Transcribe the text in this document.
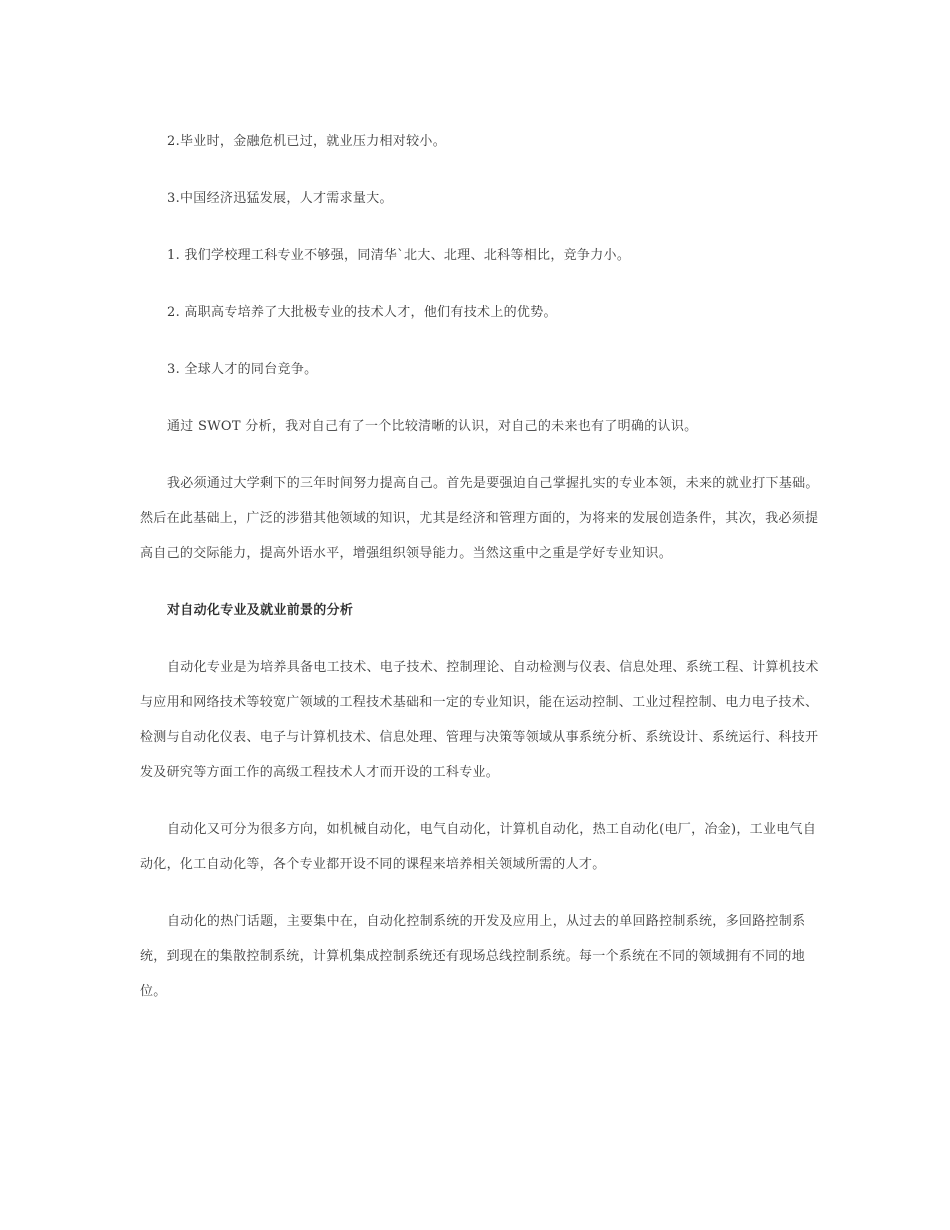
2.毕业时，金融危机已过，就业压力相对较小。

3.中国经济迅猛发展，人才需求量大。

1. 我们学校理工科专业不够强，同清华`北大、北理、北科等相比，竞争力小。

2. 高职高专培养了大批极专业的技术人才，他们有技术上的优势。

3. 全球人才的同台竞争。

通过 SWOT 分析，我对自己有了一个比较清晰的认识，对自己的未来也有了明确的认识。

我必须通过大学剩下的三年时间努力提高自己。首先是要强迫自己掌握扎实的专业本领，未来的就业打下基础。然后在此基础上，广泛的涉猎其他领域的知识，尤其是经济和管理方面的，为将来的发展创造条件，其次，我必须提高自己的交际能力，提高外语水平，增强组织领导能力。当然这重中之重是学好专业知识。

对自动化专业及就业前景的分析

自动化专业是为培养具备电工技术、电子技术、控制理论、自动检测与仪表、信息处理、系统工程、计算机技术与应用和网络技术等较宽广领域的工程技术基础和一定的专业知识，能在运动控制、工业过程控制、电力电子技术、检测与自动化仪表、电子与计算机技术、信息处理、管理与决策等领域从事系统分析、系统设计、系统运行、科技开发及研究等方面工作的高级工程技术人才而开设的工科专业。

自动化又可分为很多方向，如机械自动化，电气自动化，计算机自动化，热工自动化(电厂，冶金)，工业电气自动化，化工自动化等，各个专业都开设不同的课程来培养相关领域所需的人才。

自动化的热门话题，主要集中在，自动化控制系统的开发及应用上，从过去的单回路控制系统，多回路控制系统，到现在的集散控制系统，计算机集成控制系统还有现场总线控制系统。每一个系统在不同的领域拥有不同的地位。
